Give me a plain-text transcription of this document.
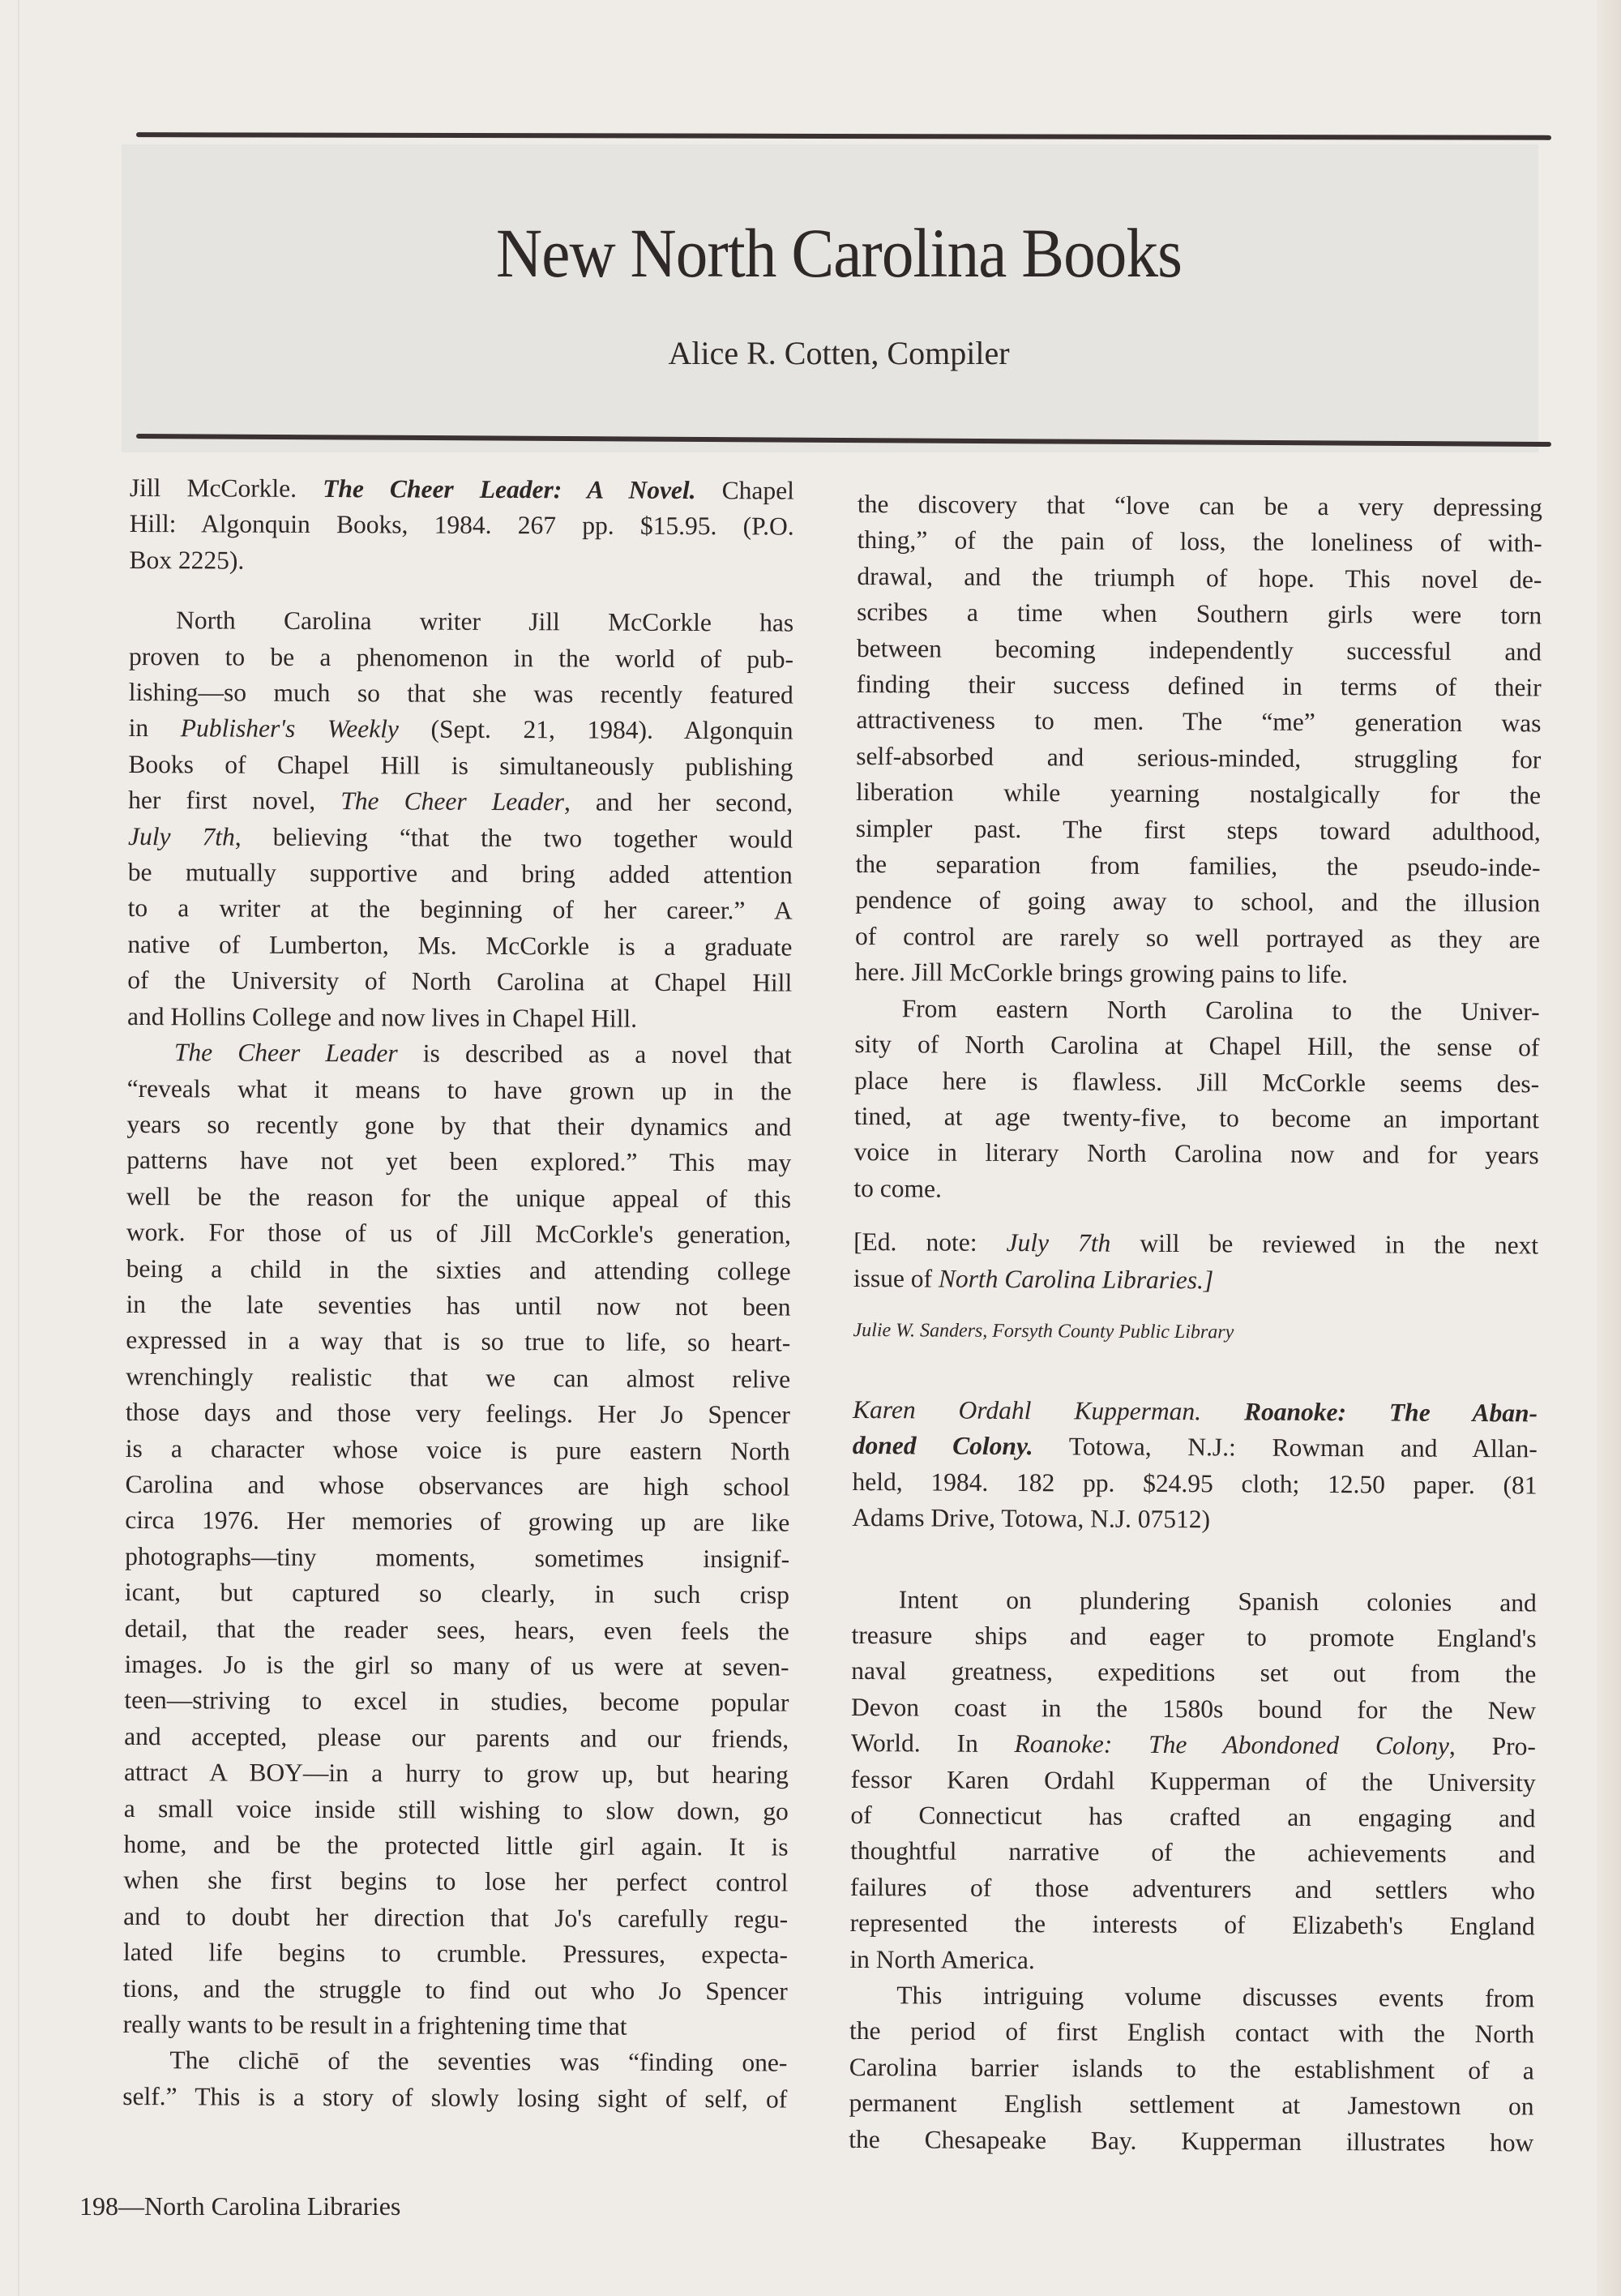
New North Carolina Books
Alice R. Cotten, Compiler
Jill McCorkle. The Cheer Leader: A Novel. Chapel
Hill: Algonquin Books, 1984. 267 pp. $15.95. (P.O.
Box 2225).
North Carolina writer Jill McCorkle has
proven to be a phenomenon in the world of pub-
lishing—so much so that she was recently featured
in Publisher's Weekly (Sept. 21, 1984). Algonquin
Books of Chapel Hill is simultaneously publishing
her first novel, The Cheer Leader, and her second,
July 7th, believing “that the two together would
be mutually supportive and bring added attention
to a writer at the beginning of her career.” A
native of Lumberton, Ms. McCorkle is a graduate
of the University of North Carolina at Chapel Hill
and Hollins College and now lives in Chapel Hill.
The Cheer Leader is described as a novel that
“reveals what it means to have grown up in the
years so recently gone by that their dynamics and
patterns have not yet been explored.” This may
well be the reason for the unique appeal of this
work. For those of us of Jill McCorkle's generation,
being a child in the sixties and attending college
in the late seventies has until now not been
expressed in a way that is so true to life, so heart-
wrenchingly realistic that we can almost relive
those days and those very feelings. Her Jo Spencer
is a character whose voice is pure eastern North
Carolina and whose observances are high school
circa 1976. Her memories of growing up are like
photographs—tiny moments, sometimes insignif-
icant, but captured so clearly, in such crisp
detail, that the reader sees, hears, even feels the
images. Jo is the girl so many of us were at seven-
teen—striving to excel in studies, become popular
and accepted, please our parents and our friends,
attract A BOY—in a hurry to grow up, but hearing
a small voice inside still wishing to slow down, go
home, and be the protected little girl again. It is
when she first begins to lose her perfect control
and to doubt her direction that Jo's carefully regu-
lated life begins to crumble. Pressures, expecta-
tions, and the struggle to find out who Jo Spencer
really wants to be result in a frightening time that
The clichē of the seventies was “finding one-
self.” This is a story of slowly losing sight of self, of
the discovery that “love can be a very depressing
thing,” of the pain of loss, the loneliness of with-
drawal, and the triumph of hope. This novel de-
scribes a time when Southern girls were torn
between becoming independently successful and
finding their success defined in terms of their
attractiveness to men. The “me” generation was
self-absorbed and serious-minded, struggling for
liberation while yearning nostalgically for the
simpler past. The first steps toward adulthood,
the separation from families, the pseudo-inde-
pendence of going away to school, and the illusion
of control are rarely so well portrayed as they are
here. Jill McCorkle brings growing pains to life.
From eastern North Carolina to the Univer-
sity of North Carolina at Chapel Hill, the sense of
place here is flawless. Jill McCorkle seems des-
tined, at age twenty-five, to become an important
voice in literary North Carolina now and for years
to come.
[Ed. note: July 7th will be reviewed in the next
issue of North Carolina Libraries.]
Julie W. Sanders, Forsyth County Public Library
Karen Ordahl Kupperman. Roanoke: The Aban-
doned Colony. Totowa, N.J.: Rowman and Allan-
held, 1984. 182 pp. $24.95 cloth; 12.50 paper. (81
Adams Drive, Totowa, N.J. 07512)
Intent on plundering Spanish colonies and
treasure ships and eager to promote England's
naval greatness, expeditions set out from the
Devon coast in the 1580s bound for the New
World. In Roanoke: The Abondoned Colony, Pro-
fessor Karen Ordahl Kupperman of the University
of Connecticut has crafted an engaging and
thoughtful narrative of the achievements and
failures of those adventurers and settlers who
represented the interests of Elizabeth's England
in North America.
This intriguing volume discusses events from
the period of first English contact with the North
Carolina barrier islands to the establishment of a
permanent English settlement at Jamestown on
the Chesapeake Bay. Kupperman illustrates how
198—North Carolina Libraries
